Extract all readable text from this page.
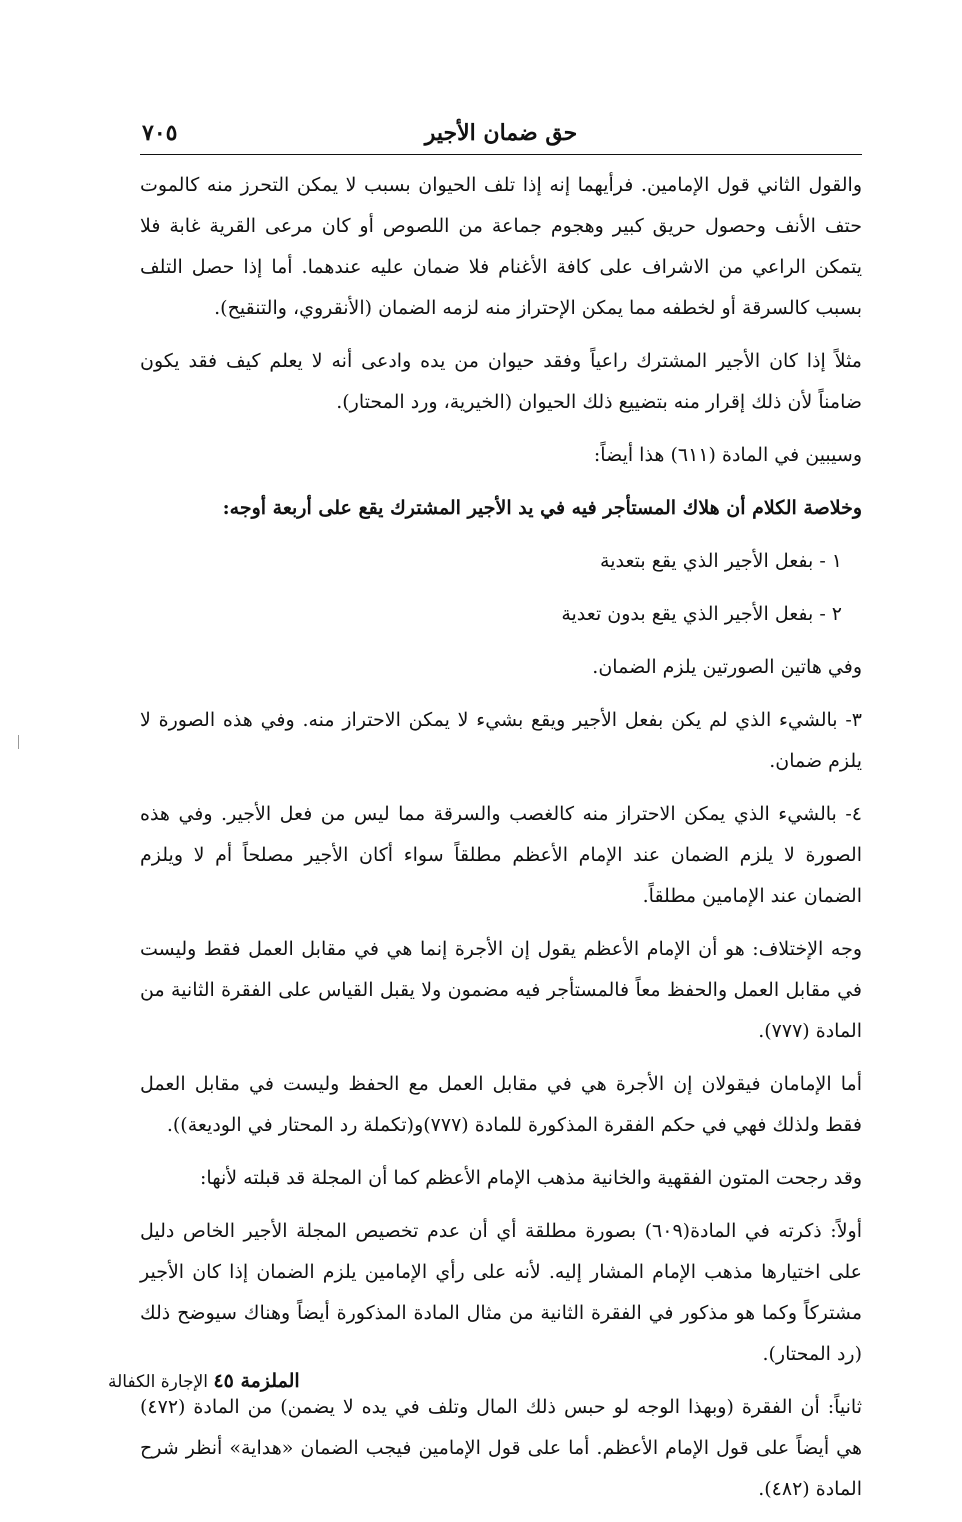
٧٠٥	حق ضمان الأجير

والقول الثاني قول الإمامين. فرأيهما إنه إذا تلف الحيوان بسبب لا يمكن التحرز منه كالموت حتف الأنف وحصول حريق كبير وهجوم جماعة من اللصوص أو كان مرعى القرية غابة فلا يتمكن الراعي من الاشراف على كافة الأغنام فلا ضمان عليه عندهما. أما إذا حصل التلف بسبب كالسرقة أو لخطفه مما يمكن الإحتراز منه لزمه الضمان (الأنقروي، والتنقيح).

مثلاً إذا كان الأجير المشترك راعياً وفقد حيوان من يده وادعى أنه لا يعلم كيف فقد يكون ضامناً لأن ذلك إقرار منه بتضييع ذلك الحيوان (الخيرية، ورد المحتار).

وسيبين في المادة (٦١١) هذا أيضاً:

وخلاصة الكلام أن هلاك المستأجر فيه في يد الأجير المشترك يقع على أربعة أوجه:

١ - بفعل الأجير الذي يقع بتعدية

٢ - بفعل الأجير الذي يقع بدون تعدية

وفي هاتين الصورتين يلزم الضمان.

٣- بالشيء الذي لم يكن بفعل الأجير ويقع بشيء لا يمكن الاحتراز منه. وفي هذه الصورة لا يلزم ضمان.

٤- بالشيء الذي يمكن الاحتراز منه كالغصب والسرقة مما ليس من فعل الأجير. وفي هذه الصورة لا يلزم الضمان عند الإمام الأعظم مطلقاً سواء أكان الأجير مصلحاً أم لا ويلزم الضمان عند الإمامين مطلقاً.

وجه الإختلاف: هو أن الإمام الأعظم يقول إن الأجرة إنما هي في مقابل العمل فقط وليست في مقابل العمل والحفظ معاً فالمستأجر فيه مضمون ولا يقبل القياس على الفقرة الثانية من المادة (٧٧٧).

أما الإمامان فيقولان إن الأجرة هي في مقابل العمل مع الحفظ وليست في مقابل العمل فقط ولذلك فهي في حكم الفقرة المذكورة للمادة (٧٧٧)و(تكملة رد المحتار في الوديعة)).

وقد رجحت المتون الفقهية والخانية مذهب الإمام الأعظم كما أن المجلة قد قبلته لأنها:

أولاً: ذكرته في المادة(٦٠٩) بصورة مطلقة أي أن عدم تخصيص المجلة الأجير الخاص دليل على اختيارها مذهب الإمام المشار إليه. لأنه على رأي الإمامين يلزم الضمان إذا كان الأجير مشتركاً وكما هو مذكور في الفقرة الثانية من مثال المادة المذكورة أيضاً وهناك سيوضح ذلك (رد المحتار).

ثانياً: أن الفقرة (وبهذا الوجه لو حبس ذلك المال وتلف في يده لا يضمن) من المادة (٤٧٢) هي أيضاً على قول الإمام الأعظم. أما على قول الإمامين فيجب الضمان «هداية» أنظر شرح المادة (٤٨٢).

الملزمة ٤٥ الإجارة الكفالة
